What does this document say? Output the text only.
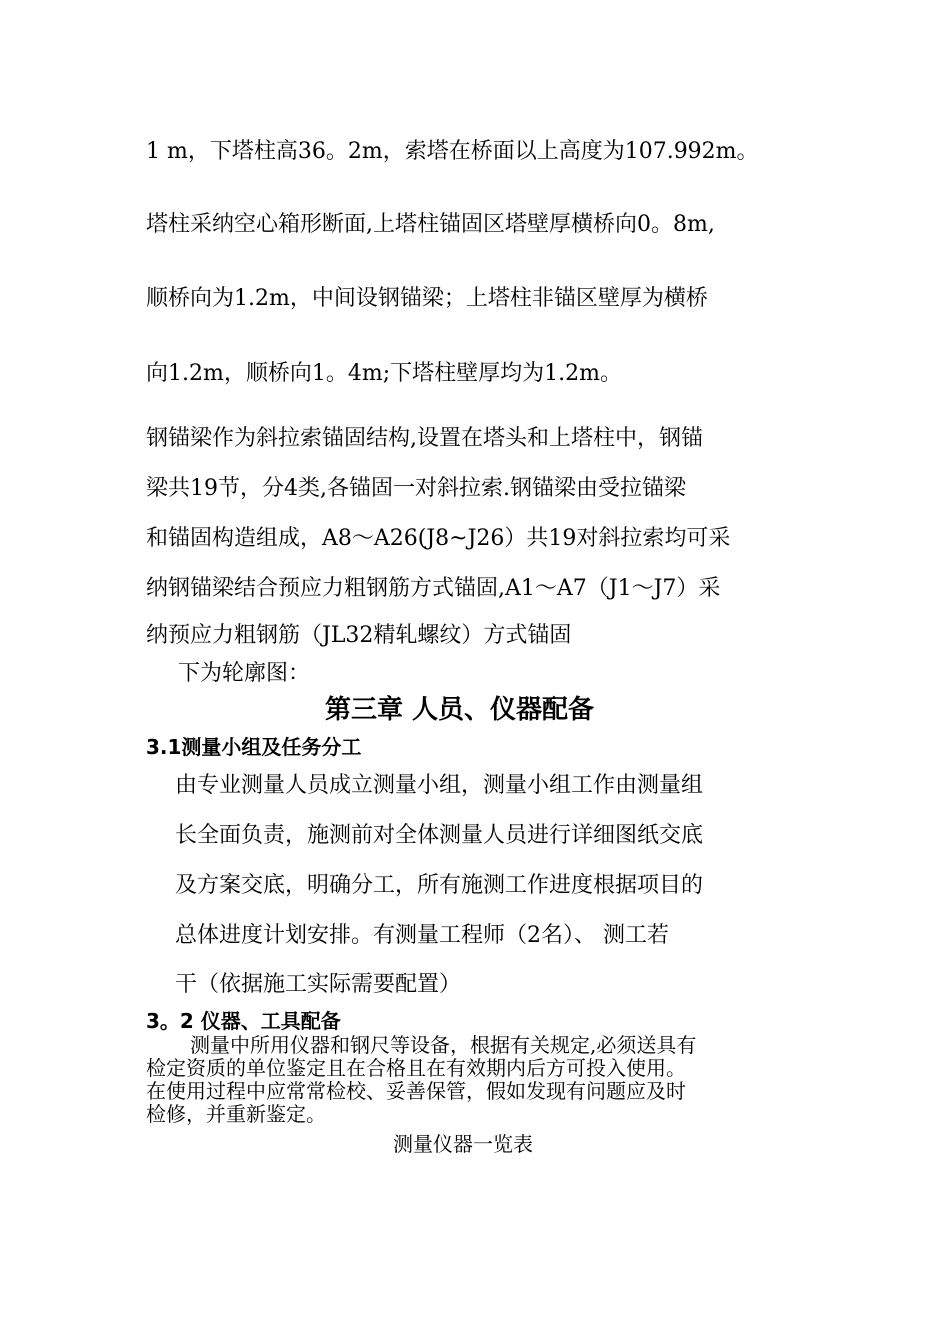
1 m，下塔柱高36。2m，索塔在桥面以上高度为107.992m。
塔柱采纳空心箱形断面,上塔柱锚固区塔壁厚横桥向0。8m,
顺桥向为1.2m，中间设钢锚梁；上塔柱非锚区壁厚为横桥
向1.2m，顺桥向1。4m;下塔柱壁厚均为1.2m。
钢锚梁作为斜拉索锚固结构,设置在塔头和上塔柱中，钢锚
梁共19节，分4类,各锚固一对斜拉索.钢锚梁由受拉锚梁
和锚固构造组成，A8～A26(J8~J26）共19对斜拉索均可采
纳钢锚梁结合预应力粗钢筋方式锚固,A1～A7（J1～J7）采
纳预应力粗钢筋（JL32精轧螺纹）方式锚固
下为轮廓图：
第三章 人员、仪器配备
3.1测量小组及任务分工
由专业测量人员成立测量小组，测量小组工作由测量组
长全面负责，施测前对全体测量人员进行详细图纸交底
及方案交底，明确分工，所有施测工作进度根据项目的
总体进度计划安排。有测量工程师（2名）、 测工若
干（依据施工实际需要配置）
3。2 仪器、工具配备
测量中所用仪器和钢尺等设备，根据有关规定,必须送具有
检定资质的单位鉴定且在合格且在有效期内后方可投入使用。
在使用过程中应常常检校、妥善保管，假如发现有问题应及时
检修，并重新鉴定。
测量仪器一览表
